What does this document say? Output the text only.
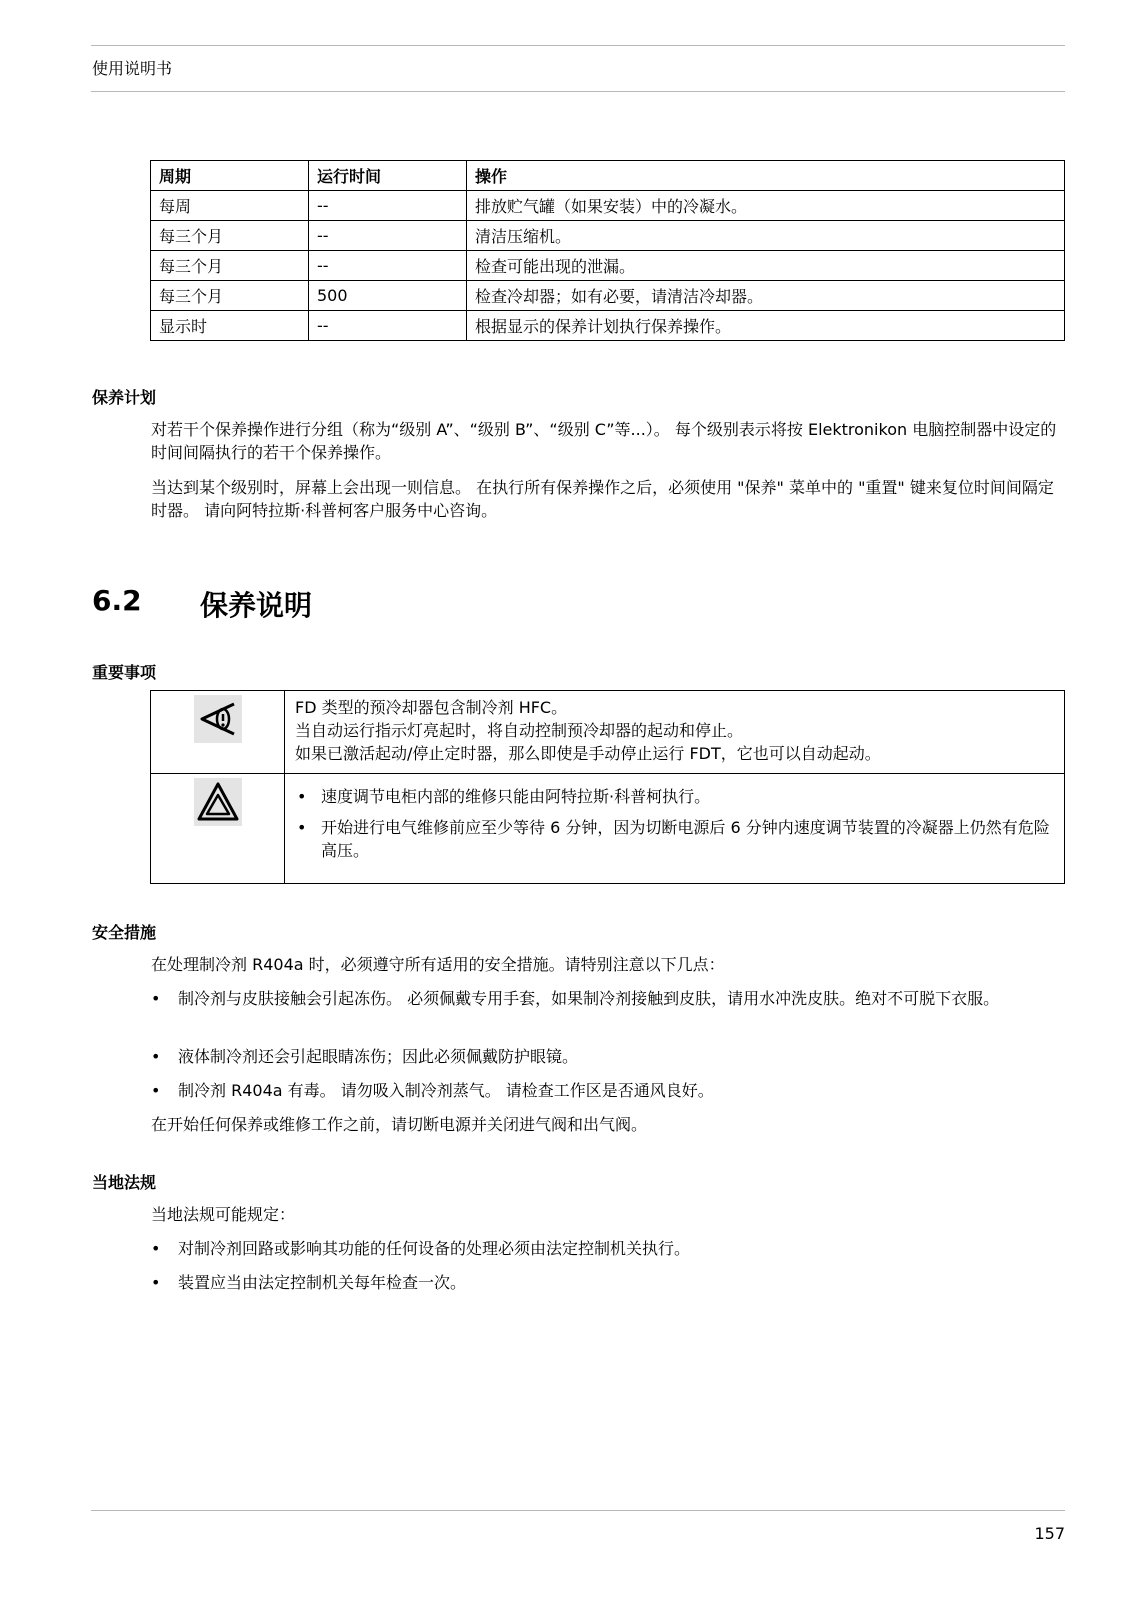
使用说明书
周期	运行时间	操作
每周	--	排放贮气罐（如果安装）中的冷凝水。
每三个月	--	清洁压缩机。
每三个月	--	检查可能出现的泄漏。
每三个月	500	检查冷却器；如有必要，请清洁冷却器。
显示时	--	根据显示的保养计划执行保养操作。
保养计划

对若干个保养操作进行分组（称为“级别 A”、“级别 B”、“级别 C”等...）。 每个级别表示将按 Elektronikon 电脑控制器中设定的时间间隔执行的若干个保养操作。

当达到某个级别时，屏幕上会出现一则信息。 在执行所有保养操作之后，必须使用 "保养" 菜单中的 "重置" 键来复位时间间隔定时器。 请向阿特拉斯·科普柯客户服务中心咨询。

6.2 保养说明
重要事项

FD 类型的预冷却器包含制冷剂 HFC。
当自动运行指示灯亮起时，将自动控制预冷却器的起动和停止。
如果已激活起动/停止定时器，那么即使是手动停止运行 FDT，它也可以自动起动。

• 速度调节电柜内部的维修只能由阿特拉斯·科普柯执行。
• 开始进行电气维修前应至少等待 6 分钟，因为切断电源后 6 分钟内速度调节装置的冷凝器上仍然有危险高压。
安全措施

在处理制冷剂 R404a 时，必须遵守所有适用的安全措施。请特别注意以下几点：

• 制冷剂与皮肤接触会引起冻伤。 必须佩戴专用手套，如果制冷剂接触到皮肤，请用水冲洗皮肤。绝对不可脱下衣服。
• 液体制冷剂还会引起眼睛冻伤；因此必须佩戴防护眼镜。
• 制冷剂 R404a 有毒。 请勿吸入制冷剂蒸气。 请检查工作区是否通风良好。

在开始任何保养或维修工作之前，请切断电源并关闭进气阀和出气阀。

当地法规

当地法规可能规定：

• 对制冷剂回路或影响其功能的任何设备的处理必须由法定控制机关执行。
• 装置应当由法定控制机关每年检查一次。
157
